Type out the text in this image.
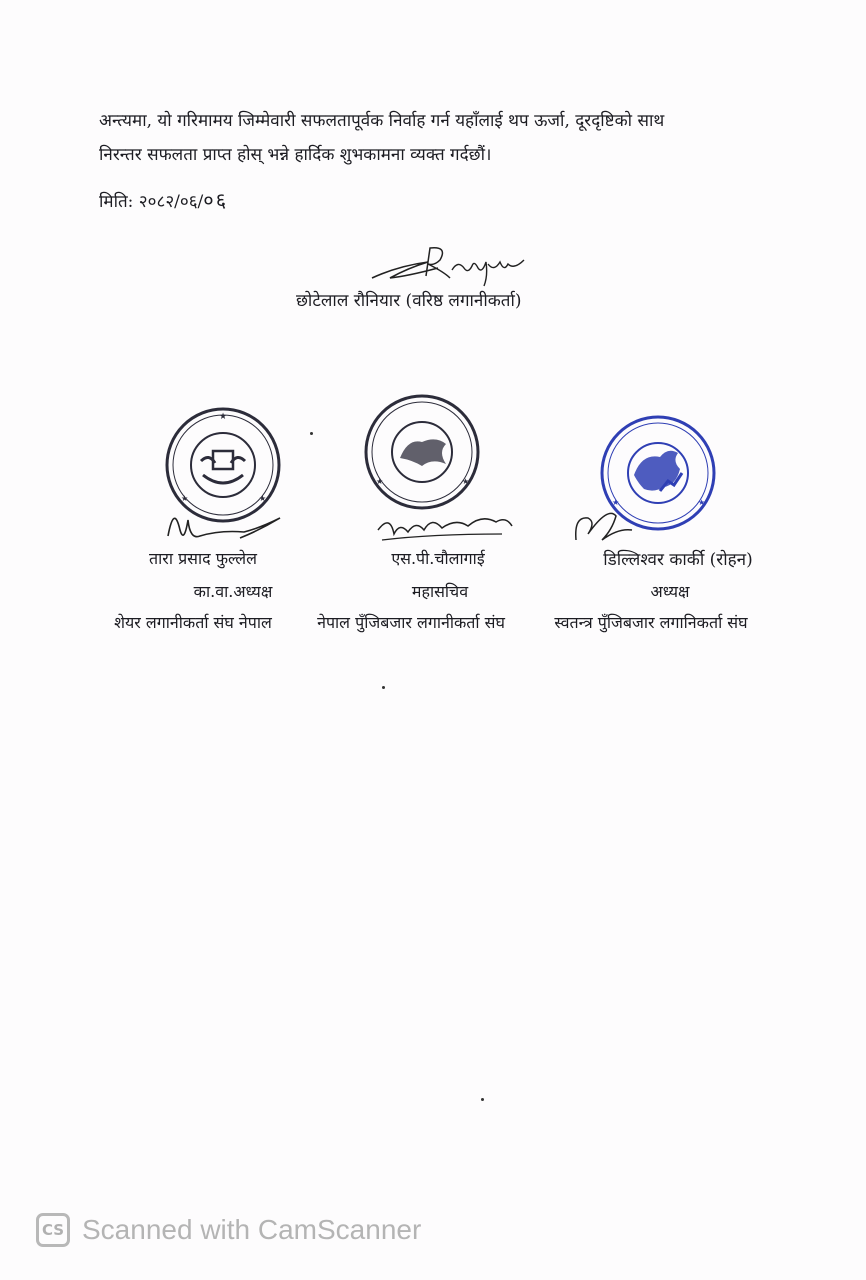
अन्त्यमा, यो गरिमामय जिम्मेवारी सफलतापूर्वक निर्वाह गर्न यहाँलाई थप ऊर्जा, दूरदृष्टिको साथ
निरन्तर सफलता प्राप्त होस् भन्ने हार्दिक शुभकामना व्यक्त गर्दछौं।
मिति: २०८२/०६/०६
छोटेलाल रौनियार (वरिष्ठ लगानीकर्ता)
★
★	★
★	★
★	★
तारा प्रसाद फुल्लेल	एस.पी.चौलागाई	डिल्लिश्वर कार्की (रोहन)
का.वा.अध्यक्ष	महासचिव	अध्यक्ष
शेयर लगानीकर्ता संघ नेपाल	नेपाल पुँजिबजार लगानीकर्ता संघ	स्वतन्त्र पुँजिबजार लगानिकर्ता संघ
CS Scanned with CamScanner
